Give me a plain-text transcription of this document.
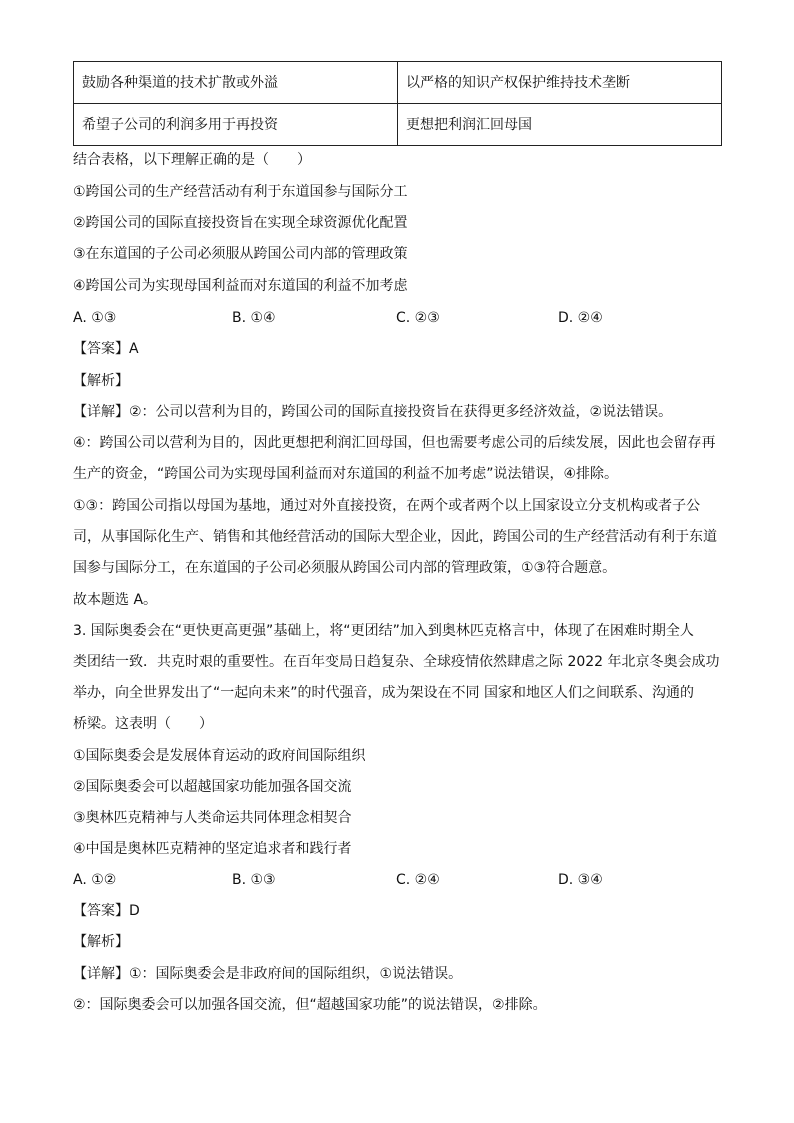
鼓励各种渠道的技术扩散或外溢	以严格的知识产权保护维持技术垄断
希望子公司的利润多用于再投资	更想把利润汇回母国
结合表格，以下理解正确的是（　　）
①跨国公司的生产经营活动有利于东道国参与国际分工
②跨国公司的国际直接投资旨在实现全球资源优化配置
③在东道国的子公司必须服从跨国公司内部的管理政策
④跨国公司为实现母国利益而对东道国的利益不加考虑
A. ①③	B. ①④	C. ②③	D. ②④
【答案】A
【解析】
【详解】②：公司以营利为目的，跨国公司的国际直接投资旨在获得更多经济效益，②说法错误。
④：跨国公司以营利为目的，因此更想把利润汇回母国，但也需要考虑公司的后续发展，因此也会留存再
生产的资金，“跨国公司为实现母国利益而对东道国的利益不加考虑”说法错误，④排除。
①③：跨国公司指以母国为基地，通过对外直接投资，在两个或者两个以上国家设立分支机构或者子公
司，从事国际化生产、销售和其他经营活动的国际大型企业，因此，跨国公司的生产经营活动有利于东道
国参与国际分工，在东道国的子公司必须服从跨国公司内部的管理政策，①③符合题意。
故本题选 A。
3. 国际奥委会在“更快更高更强”基础上，将“更团结”加入到奥林匹克格言中，体现了在困难时期全人
类团结一致．共克时艰的重要性。在百年变局日趋复杂、全球疫情依然肆虐之际 2022 年北京冬奥会成功
举办，向全世界发出了“一起向未来”的时代强音，成为架设在不同 国家和地区人们之间联系、沟通的
桥梁。这表明（　　）
①国际奥委会是发展体育运动的政府间国际组织
②国际奥委会可以超越国家功能加强各国交流
③奥林匹克精神与人类命运共同体理念相契合
④中国是奥林匹克精神的坚定追求者和践行者
A. ①②	B. ①③	C. ②④	D. ③④
【答案】D
【解析】
【详解】①：国际奥委会是非政府间的国际组织，①说法错误。
②：国际奥委会可以加强各国交流，但“超越国家功能”的说法错误，②排除。
